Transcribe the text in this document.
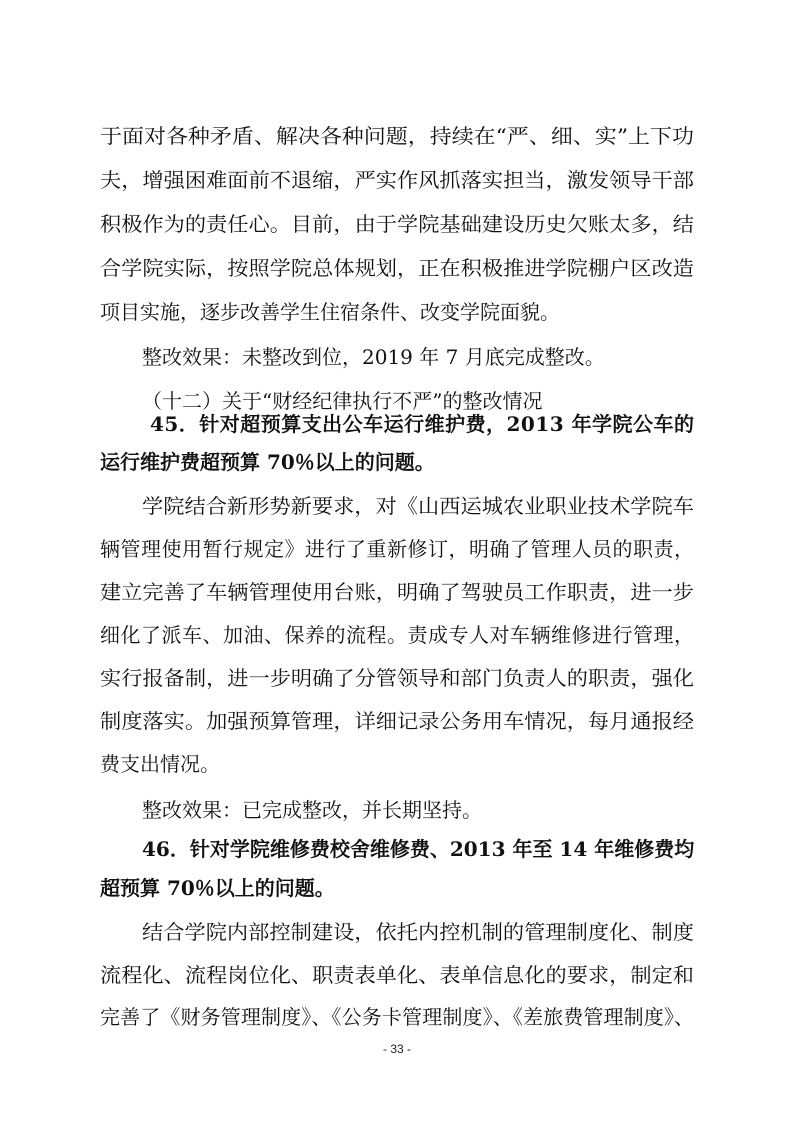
于面对各种矛盾、解决各种问题，持续在“严、细、实”上下功
夫，增强困难面前不退缩，严实作风抓落实担当，激发领导干部
积极作为的责任心。目前，由于学院基础建设历史欠账太多，结
合学院实际，按照学院总体规划，正在积极推进学院棚户区改造
项目实施，逐步改善学生住宿条件、改变学院面貌。
整改效果：未整改到位，2019 年 7 月底完成整改。
（十二）关于“财经纪律执行不严”的整改情况
45．针对超预算支出公车运行维护费，2013 年学院公车的
运行维护费超预算 70％以上的问题。
学院结合新形势新要求，对《山西运城农业职业技术学院车
辆管理使用暂行规定》进行了重新修订，明确了管理人员的职责，
建立完善了车辆管理使用台账，明确了驾驶员工作职责，进一步
细化了派车、加油、保养的流程。责成专人对车辆维修进行管理，
实行报备制，进一步明确了分管领导和部门负责人的职责，强化
制度落实。加强预算管理，详细记录公务用车情况，每月通报经
费支出情况。
整改效果：已完成整改，并长期坚持。
46．针对学院维修费校舍维修费、2013 年至 14 年维修费均
超预算 70％以上的问题。
结合学院内部控制建设，依托内控机制的管理制度化、制度
流程化、流程岗位化、职责表单化、表单信息化的要求，制定和
完善了《财务管理制度》、《公务卡管理制度》、《差旅费管理制度》、
- 33 -
